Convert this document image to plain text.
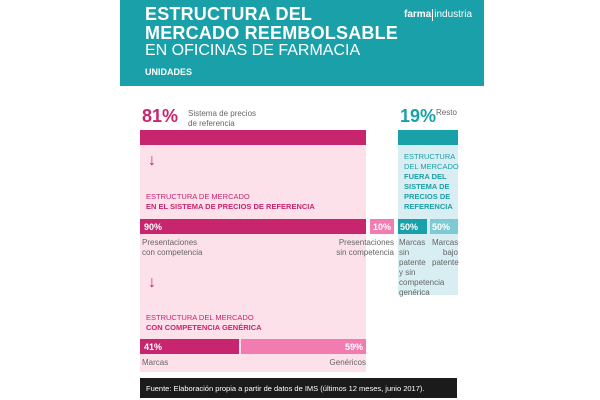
ESTRUCTURA DEL
MERCADO REEMBOLSABLE
EN OFICINAS DE FARMACIA
UNIDADES
farma industria
81% Sistema de precios
de referencia	19% Resto
↓
ESTRUCTURA DE MERCADO
EN EL SISTEMA DE PRECIOS DE REFERENCIA
90%	10%
Presentaciones
con competencia
Presentaciones
sin competencia
ESTRUCTURA
DEL MERCADO
FUERA DEL
SISTEMA DE
PRECIOS DE
REFERENCIA
50% 50%
Marcas
sin
patente
y sin
competencia
genérica
Marcas
bajo
patente
↓
ESTRUCTURA DEL MERCADO
CON COMPETENCIA GENÉRICA
41%	59%
Marcas	Genéricos
Fuente: Elaboración propia a partir de datos de IMS (últimos 12 meses, junio 2017).
